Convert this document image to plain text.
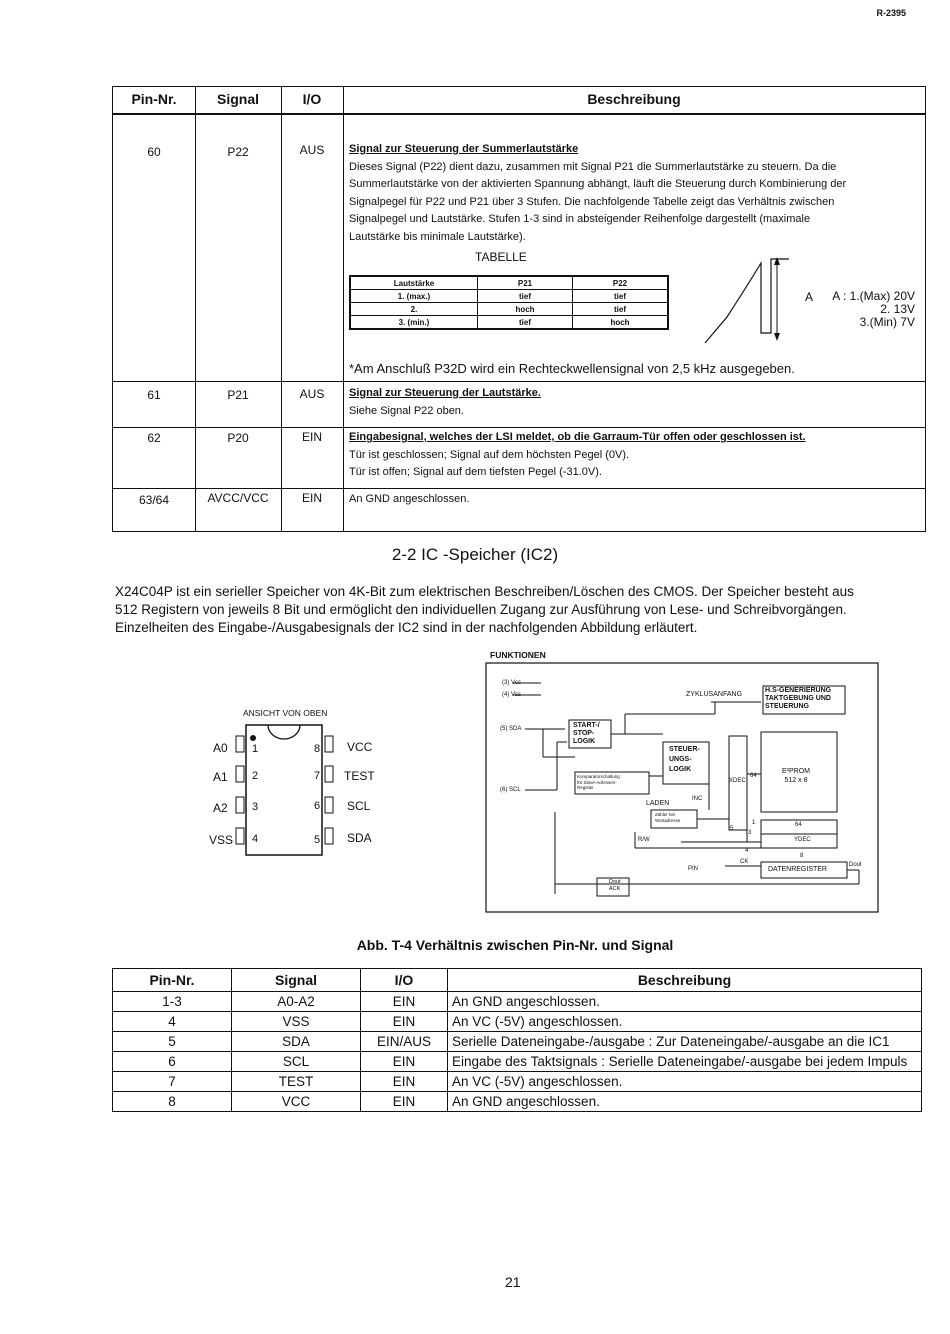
R-2395
Pin-Nr.	Signal	I/O	Beschreibung
60	P22	AUS	Signal zur Steuerung der Summerlautstärke
Dieses Signal (P22) dient dazu, zusammen mit Signal P21 die Summerlautstärke zu steuern. Da die
Summerlautstärke von der aktivierten Spannung abhängt, läuft die Steuerung durch Kombinierung der
Signalpegel für P22 und P21 über 3 Stufen. Die nachfolgende Tabelle zeigt das Verhältnis zwischen
Signalpegel und Lautstärke. Stufen 1-3 sind in absteigender Reihenfolge dargestellt (maximale
Lautstärke bis minimale Lautstärke).
TABELLE
Lautstärke	P21	P22
1. (max.)	tief	tief
2.	hoch	tief
3. (min.)	tief	hoch
A A : 1.(Max) 20V
2. 13V
3.(Min) 7V
*Am Anschluß P32D wird ein Rechteckwellensignal von 2,5 kHz ausgegeben.
61	P21	AUS	Signal zur Steuerung der Lautstärke.
Siehe Signal P22 oben.
62	P20	EIN	Eingabesignal, welches der LSI meldet, ob die Garraum-Tür offen oder geschlossen ist.
Tür ist geschlossen; Signal auf dem höchsten Pegel (0V).
Tür ist offen; Signal auf dem tiefsten Pegel (-31.0V).
63/64	AVCC/VCC	EIN	An GND angeschlossen.
2-2 IC -Speicher (IC2)
X24C04P ist ein serieller Speicher von 4K-Bit zum elektrischen Beschreiben/Löschen des CMOS. Der Speicher besteht aus
512 Registern von jeweils 8 Bit und ermöglicht den individuellen Zugang zur Ausführung von Lese- und Schreibvorgängen.
Einzelheiten des Eingabe-/Ausgabesignals der IC2 sind in der nachfolgenden Abbildung erläutert.
ANSICHT VON OBEN
A0 1
A1 2
A2 3
VSS 4
8 VCC
7 TEST
6 SCL
5 SDA
FUNKTIONEN
(3) Vcc
(4) Vss
(5) SDA
(6) SCL
ZYKLUSANFANG
H.S-GENERIERUNG
TAKTGEBUNG UND
STEUERUNG
START-/
STOP-
LOGIK
STEUER-
UNGS-
LOGIK
Komparatorschaltung
für Slave-Adressen-
Register
XDEC
64
E²PROM
512 x 8
LADEN
INC
Zähler bei
Wortadresse	1
3
5
64
R/W	YDEC
CK
PIN
8
DATENREGISTER
Dout
Dout
ACK
4
Abb. T-4 Verhältnis zwischen Pin-Nr. und Signal
Pin-Nr.	Signal	I/O	Beschreibung
1-3	A0-A2	EIN	An GND angeschlossen.
4	VSS	EIN	An VC (-5V) angeschlossen.
5	SDA	EIN/AUS	Serielle Dateneingabe-/ausgabe : Zur Dateneingabe/-ausgabe an die IC1
6	SCL	EIN	Eingabe des Taktsignals : Serielle Dateneingabe/-ausgabe bei jedem Impuls
7	TEST	EIN	An VC (-5V) angeschlossen.
8	VCC	EIN	An GND angeschlossen.
21
